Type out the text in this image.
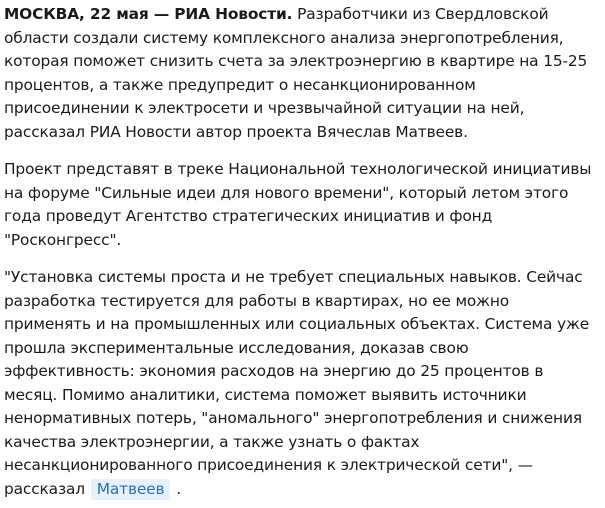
МОСКВА, 22 мая — РИА Новости. Разработчики из Свердловской области создали систему комплексного анализа энергопотребления, которая поможет снизить счета за электроэнергию в квартире на 15-25 процентов, а также предупредит о несанкционированном присоединении к электросети и чрезвычайной ситуации на ней, рассказал РИА Новости автор проекта Вячеслав Матвеев.

Проект представят в треке Национальной технологической инициативы на форуме "Сильные идеи для нового времени", который летом этого года проведут Агентство стратегических инициатив и фонд "Росконгресс".

"Установка системы проста и не требует специальных навыков. Сейчас разработка тестируется для работы в квартирах, но ее можно применять и на промышленных или социальных объектах. Система уже прошла экспериментальные исследования, доказав свою эффективность: экономия расходов на энергию до 25 процентов в месяц. Помимо аналитики, система поможет выявить источники ненормативных потерь, "аномального" энергопотребления и снижения качества электроэнергии, а также узнать о фактах несанкционированного присоединения к электрической сети", — рассказал Матвеев .
